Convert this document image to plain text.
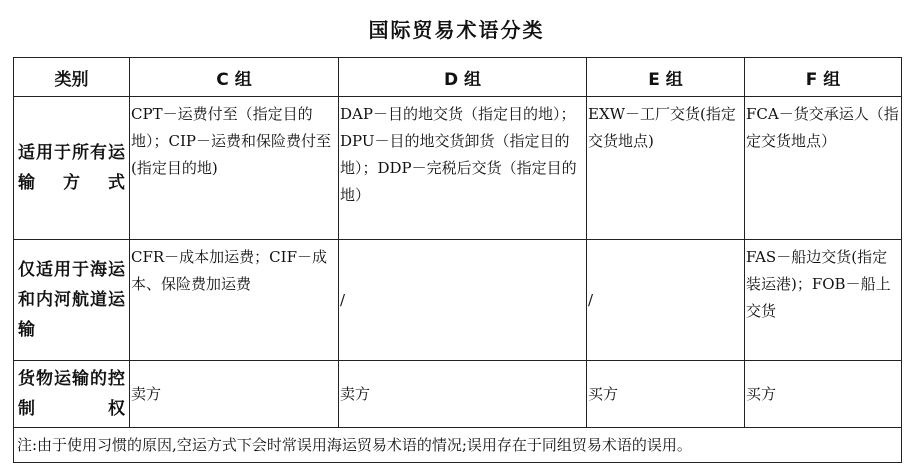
国际贸易术语分类
类别	C 组	D 组	E 组	F 组
适用于所有运输方式	CPT－运费付至（指定目的地）；CIP－运费和保险费付至(指定目的地)	DAP－目的地交货（指定目的地）；DPU－目的地交货卸货（指定目的地）；DDP－完税后交货（指定目的地）	EXW－工厂交货(指定交货地点)	FCA－货交承运人（指定交货地点）
仅适用于海运和内河航道运输	CFR－成本加运费；CIF－成本、保险费加运费	/	/	FAS－船边交货(指定装运港)；FOB－船上交货
货物运输的控制权	卖方	卖方	买方	买方
注:由于使用习惯的原因,空运方式下会时常误用海运贸易术语的情况;误用存在于同组贸易术语的误用。				
